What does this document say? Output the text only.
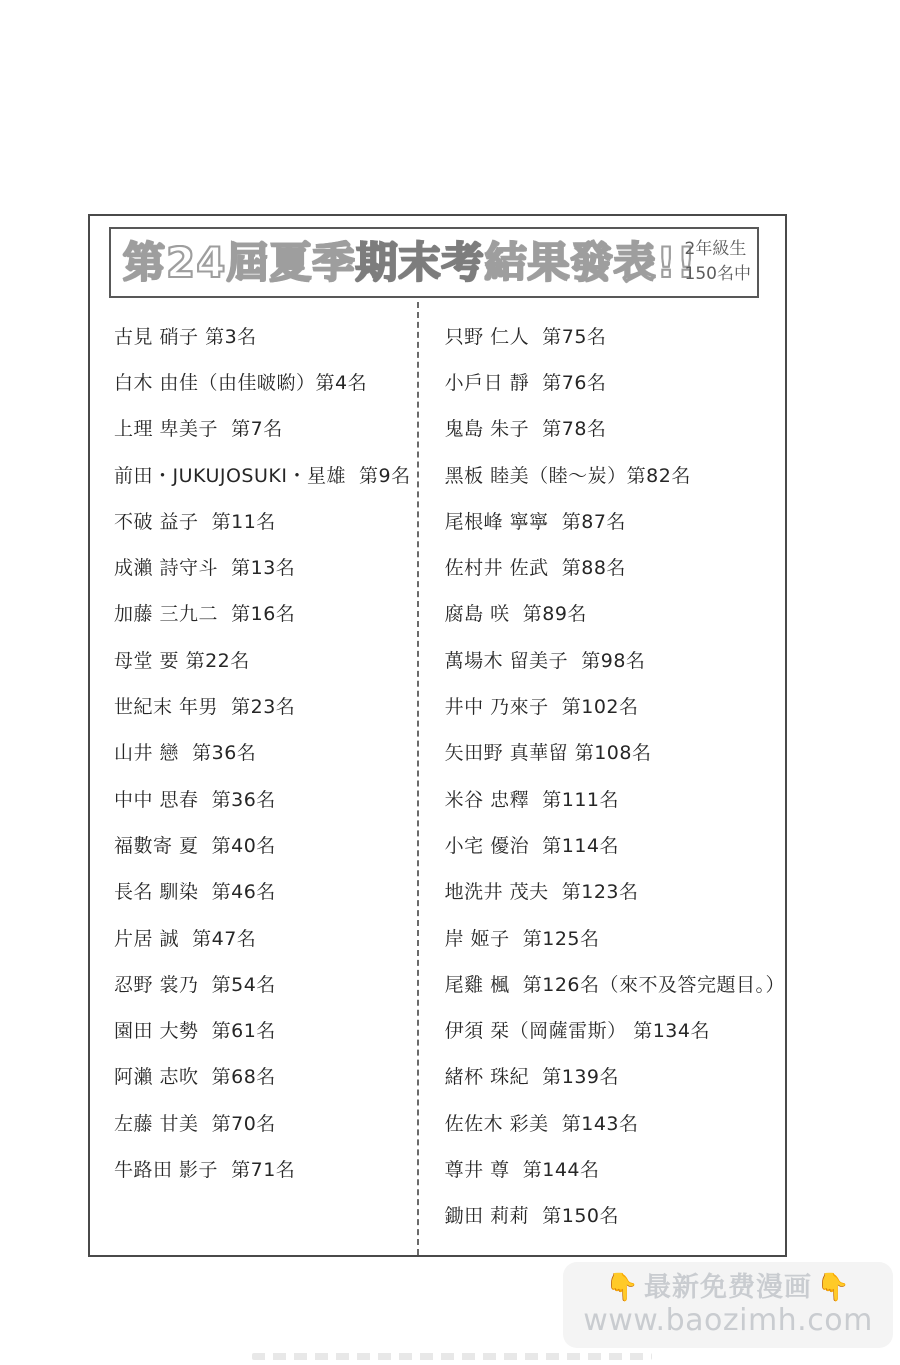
第24屆夏季期末考結果發表!!
2年級生
150名中
古見 硝子 第3名
白木 由佳（由佳啵喲）第4名
上理 卑美子  第7名
前田・JUKUJOSUKI・星雄  第9名
不破 益子  第11名
成瀨 詩守斗  第13名
加藤 三九二  第16名
母堂 要 第22名
世紀末 年男  第23名
山井 戀  第36名
中中 思春  第36名
福數寄 夏  第40名
長名 馴染  第46名
片居 誠  第47名
忍野 裳乃  第54名
園田 大勢  第61名
阿瀨 志吹  第68名
左藤 甘美  第70名
牛路田 影子  第71名
只野 仁人  第75名
小戶日 靜  第76名
鬼島 朱子  第78名
黑板 睦美（睦～炭）第82名
尾根峰 寧寧  第87名
佐村井 佐武  第88名
腐島 咲  第89名
萬場木 留美子  第98名
井中 乃來子  第102名
矢田野 真華留 第108名
米谷 忠釋  第111名
小宅 優治  第114名
地洗井 茂夫  第123名
岸 姬子  第125名
尾雞 楓  第126名（來不及答完題目。）
伊須 栞（岡薩雷斯） 第134名
緒杯 珠紀  第139名
佐佐木 彩美  第143名
尊井 尊  第144名
鋤田 莉莉  第150名
👇 最新免费漫画 👇
www.baozimh.com
